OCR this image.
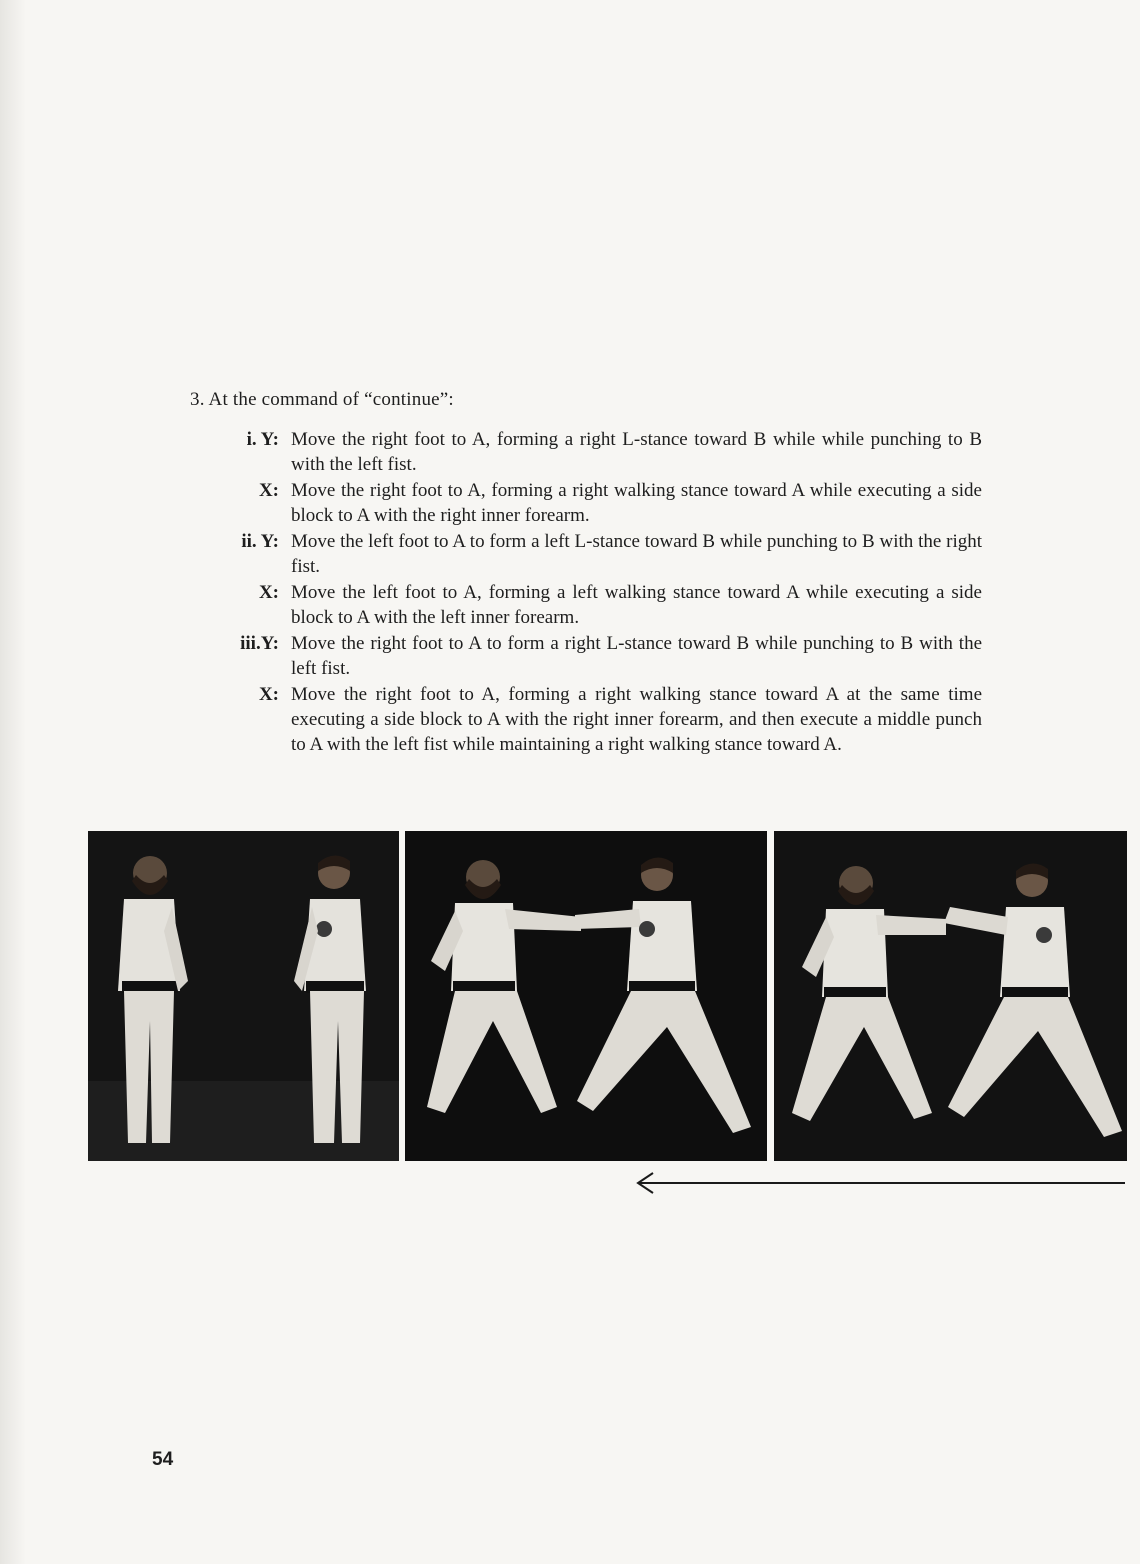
3. At the command of “continue”:
i. Y: Move the right foot to A, forming a right L-stance toward B while while punching to B with the left fist.
X: Move the right foot to A, forming a right walking stance toward A while executing a side block to A with the right inner forearm.
ii. Y: Move the left foot to A to form a left L-stance toward B while punching to B with the right fist.
X: Move the left foot to A, forming a left walking stance toward A while executing a side block to A with the left inner forearm.
iii.Y: Move the right foot to A to form a right L-stance toward B while punching to B with the left fist.
X: Move the right foot to A, forming a right walking stance toward A at the same time executing a side block to A with the right inner forearm, and then execute a middle punch to A with the left fist while maintaining a right walking stance toward A.
54
